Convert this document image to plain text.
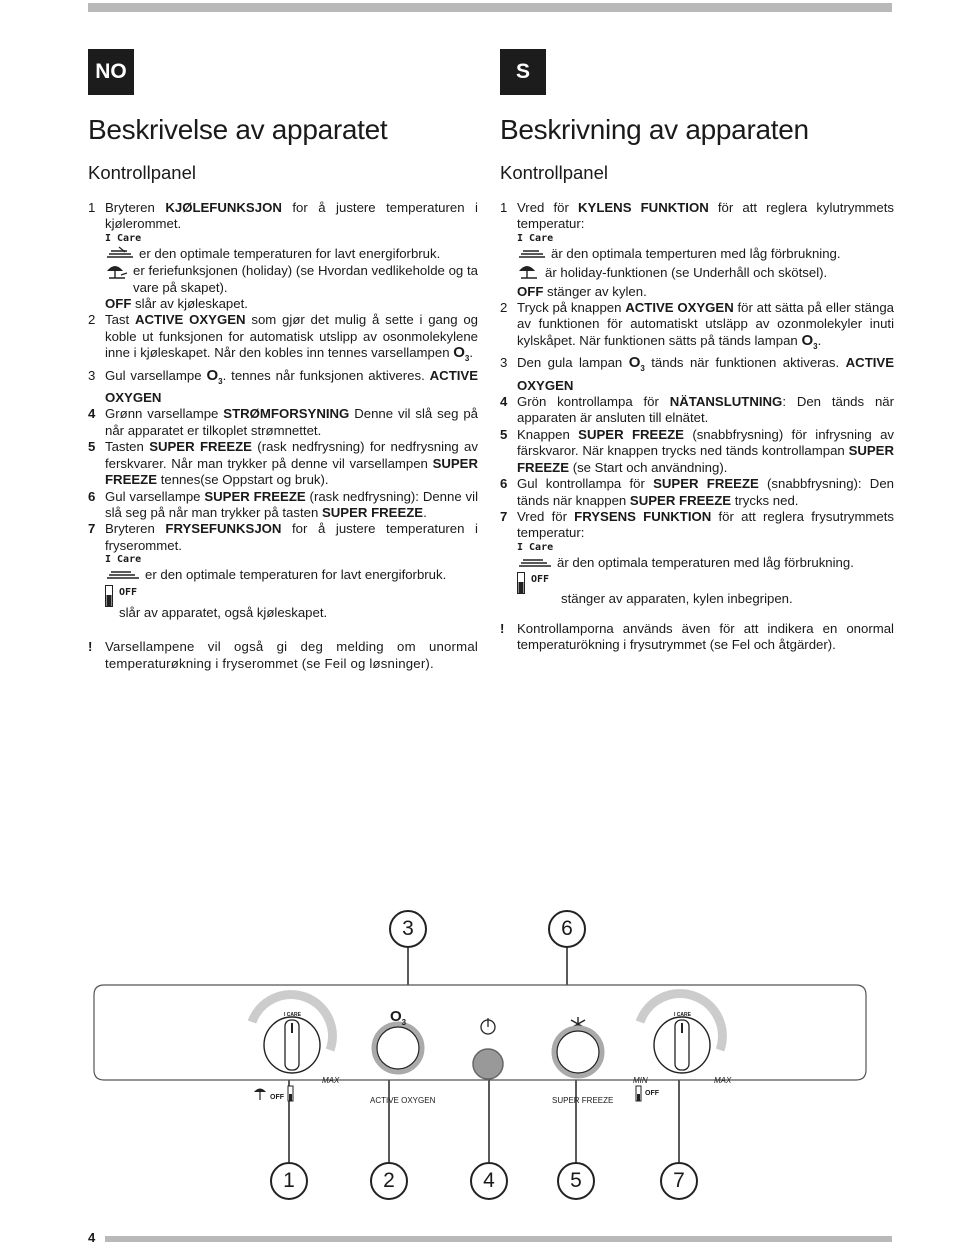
NO	S
Beskrivelse av apparatet
Kontrollpanel
1 Bryteren KJØLEFUNKSJON for å justere temperaturen i kjølerommet.

I Care

er den optimale temperaturen for lavt energiforbruk.

er feriefunksjonen (holiday) (se Hvordan vedlikeholde og ta vare på skapet).

OFF slår av kjøleskapet.

2 Tast ACTIVE OXYGEN som gjør det mulig å sette i gang og koble ut funksjonen for automatisk utslipp av osonmolekylene inne i kjøleskapet. Når den kobles inn tennes varsellampen $O_3$.

3 Gul varsellampe $O_3$. tennes når funksjonen aktiveres. ACTIVE OXYGEN

4 Grønn varsellampe STRØMFORSYNING Denne vil slå seg på når apparatet er tilkoplet strømnettet.

5 Tasten SUPER FREEZE (rask nedfrysning) for nedfrysning av ferskvarer. Når man trykker på denne vil varsellampen SUPER FREEZE tennes(se Oppstart og bruk).

6 Gul varsellampe SUPER FREEZE (rask nedfrysning): Denne vil slå seg på når man trykker på tasten SUPER FREEZE.

7 Bryteren FRYSEFUNKSJON for å justere temperaturen i fryserommet.

I Care

er den optimale temperaturen for lavt energiforbruk.

OFF
slår av apparatet, også kjøleskapet.
! Varsellampene vil også gi deg melding om unormal temperaturøkning i fryserommet (se Feil og løsninger).

Beskrivning av apparaten
Kontrollpanel
1 Vred för KYLENS FUNKTION för att reglera kylutrymmets temperatur:

I Care

är den optimala temperturen med låg förbrukning.

är holiday-funktionen (se Underhåll och skötsel).

OFF stänger av kylen.

2 Tryck på knappen ACTIVE OXYGEN för att sätta på eller stänga av funktionen för automatiskt utsläpp av ozonmolekyler inuti kylskåpet. När funktionen sätts på tänds lampan $O_3$.

3 Den gula lampan $O_3$ tänds när funktionen aktiveras. ACTIVE OXYGEN

4 Grön kontrollampa för NÄTANSLUTNING: Den tänds när apparaten är ansluten till elnätet.

5 Knappen SUPER FREEZE (snabbfrysning) för infrysning av färskvaror. När knappen trycks ned tänds kontrollampan SUPER FREEZE (se Start och användning).

6 Gul kontrollampa för SUPER FREEZE (snabbfrysning): Den tänds när knappen SUPER FREEZE trycks ned.

7 Vred för FRYSENS FUNKTION för att reglera frysutrymmets temperatur:

I Care

är den optimala temperaturen med låg förbrukning.

OFF
stänger av apparaten, kylen inbegripen.
! Kontrollamporna används även för att indikera en onormal temperaturökning i frysutrymmet (se Fel och åtgärder).

I CARE	I CARE
MAX	MAX
MIN
OFF
OFF
ACTIVE OXYGEN	SUPER FREEZE
$O_3$
3	6
1	2	4	5	7
4
